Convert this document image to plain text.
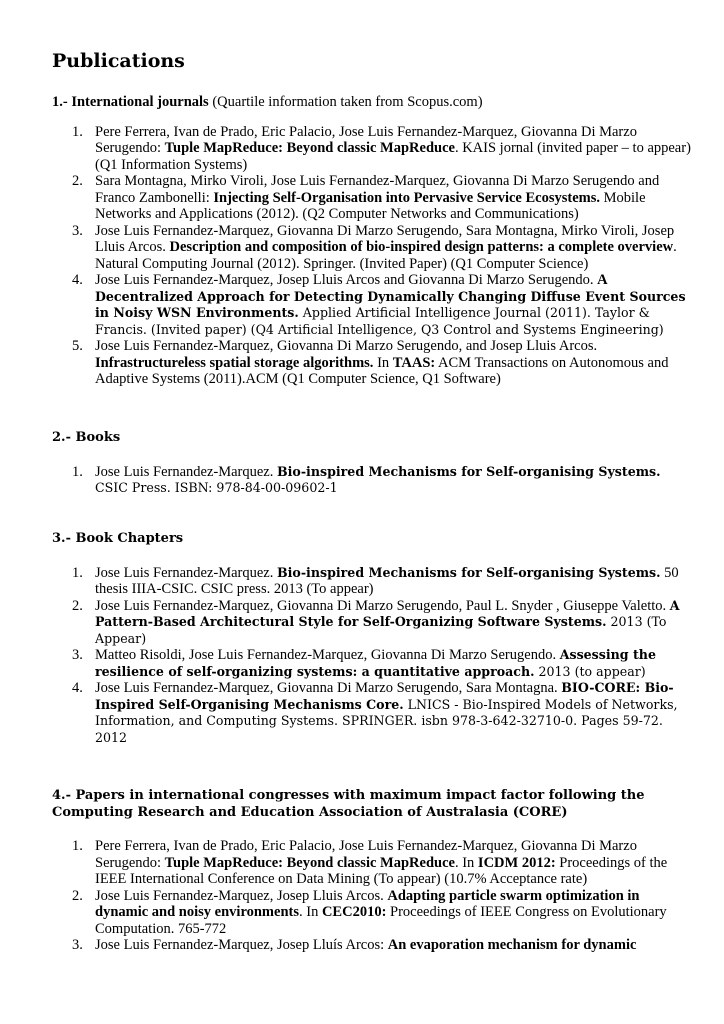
Publications
1.- International journals (Quartile information taken from Scopus.com)
1. Pere Ferrera, Ivan de Prado, Eric Palacio, Jose Luis Fernandez-Marquez, Giovanna Di Marzo Serugendo: Tuple MapReduce: Beyond classic MapReduce. KAIS jornal (invited paper – to appear) (Q1 Information Systems)
2. Sara Montagna, Mirko Viroli, Jose Luis Fernandez-Marquez, Giovanna Di Marzo Serugendo and Franco Zambonelli: Injecting Self-Organisation into Pervasive Service Ecosystems. Mobile Networks and Applications (2012). (Q2 Computer Networks and Communications)
3. Jose Luis Fernandez-Marquez, Giovanna Di Marzo Serugendo, Sara Montagna, Mirko Viroli, Josep Lluis Arcos. Description and composition of bio-inspired design patterns: a complete overview. Natural Computing Journal (2012). Springer. (Invited Paper) (Q1 Computer Science)
4. Jose Luis Fernandez-Marquez, Josep Lluis Arcos and Giovanna Di Marzo Serugendo. A Decentralized Approach for Detecting Dynamically Changing Diffuse Event Sources in Noisy WSN Environments. Applied Artificial Intelligence Journal (2011). Taylor & Francis. (Invited paper) (Q4 Artificial Intelligence, Q3 Control and Systems Engineering)
5. Jose Luis Fernandez-Marquez, Giovanna Di Marzo Serugendo, and Josep Lluis Arcos. Infrastructureless spatial storage algorithms. In TAAS: ACM Transactions on Autonomous and Adaptive Systems (2011).ACM (Q1 Computer Science, Q1 Software)
2.- Books
1. Jose Luis Fernandez-Marquez. Bio-inspired Mechanisms for Self-organising Systems. CSIC Press. ISBN: 978-84-00-09602-1
3.- Book Chapters
1. Jose Luis Fernandez-Marquez. Bio-inspired Mechanisms for Self-organising Systems. 50 thesis IIIA-CSIC. CSIC press. 2013 (To appear)
2. Jose Luis Fernandez-Marquez, Giovanna Di Marzo Serugendo, Paul L. Snyder , Giuseppe Valetto. A Pattern-Based Architectural Style for Self-Organizing Software Systems. 2013 (To Appear)
3. Matteo Risoldi, Jose Luis Fernandez-Marquez, Giovanna Di Marzo Serugendo. Assessing the resilience of self-organizing systems: a quantitative approach. 2013 (to appear)
4. Jose Luis Fernandez-Marquez, Giovanna Di Marzo Serugendo, Sara Montagna. BIO-CORE: Bio-Inspired Self-Organising Mechanisms Core. LNICS - Bio-Inspired Models of Networks, Information, and Computing Systems. SPRINGER. isbn 978-3-642-32710-0. Pages 59-72. 2012
4.- Papers in international congresses with maximum impact factor following the Computing Research and Education Association of Australasia (CORE)
1. Pere Ferrera, Ivan de Prado, Eric Palacio, Jose Luis Fernandez-Marquez, Giovanna Di Marzo Serugendo: Tuple MapReduce: Beyond classic MapReduce. In ICDM 2012: Proceedings of the IEEE International Conference on Data Mining (To appear) (10.7% Acceptance rate)
2. Jose Luis Fernandez-Marquez, Josep Lluis Arcos. Adapting particle swarm optimization in dynamic and noisy environments. In CEC2010: Proceedings of IEEE Congress on Evolutionary Computation. 765-772
3. Jose Luis Fernandez-Marquez, Josep Lluís Arcos: An evaporation mechanism for dynamic
